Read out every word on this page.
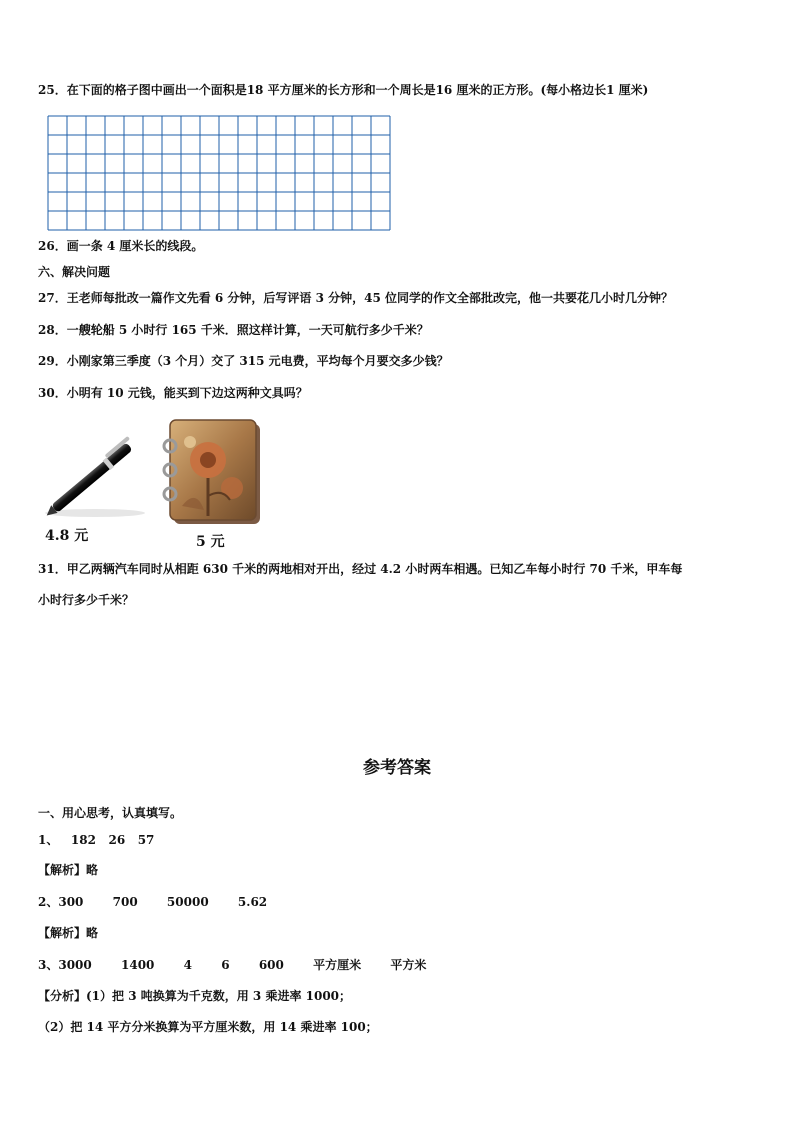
25．在下面的格子图中画出一个面积是18 平方厘米的长方形和一个周长是16 厘米的正方形。(每小格边长1 厘米)
26．画一条 4 厘米长的线段。
六、解决问题
27．王老师每批改一篇作文先看 6 分钟，后写评语 3 分钟，45 位同学的作文全部批改完，他一共要花几小时几分钟？
28．一艘轮船 5 小时行 165 千米．照这样计算，一天可航行多少千米？
29．小刚家第三季度（3 个月）交了 315 元电费，平均每个月要交多少钱？
30．小明有 10 元钱，能买到下边这两种文具吗？
4.8 元	5 元
31．甲乙两辆汽车同时从相距 630 千米的两地相对开出，经过 4.2 小时两车相遇。已知乙车每小时行 70 千米，甲车每
小时行多少千米？
参考答案
一、用心思考，认真填写。
1、   182   26   57
【解析】略
2、300       700       50000       5.62
【解析】略
3、3000       1400       4       6       600       平方厘米       平方米
【分析】(1）把 3 吨换算为千克数，用 3 乘进率 1000；
（2）把 14 平方分米换算为平方厘米数，用 14 乘进率 100；
